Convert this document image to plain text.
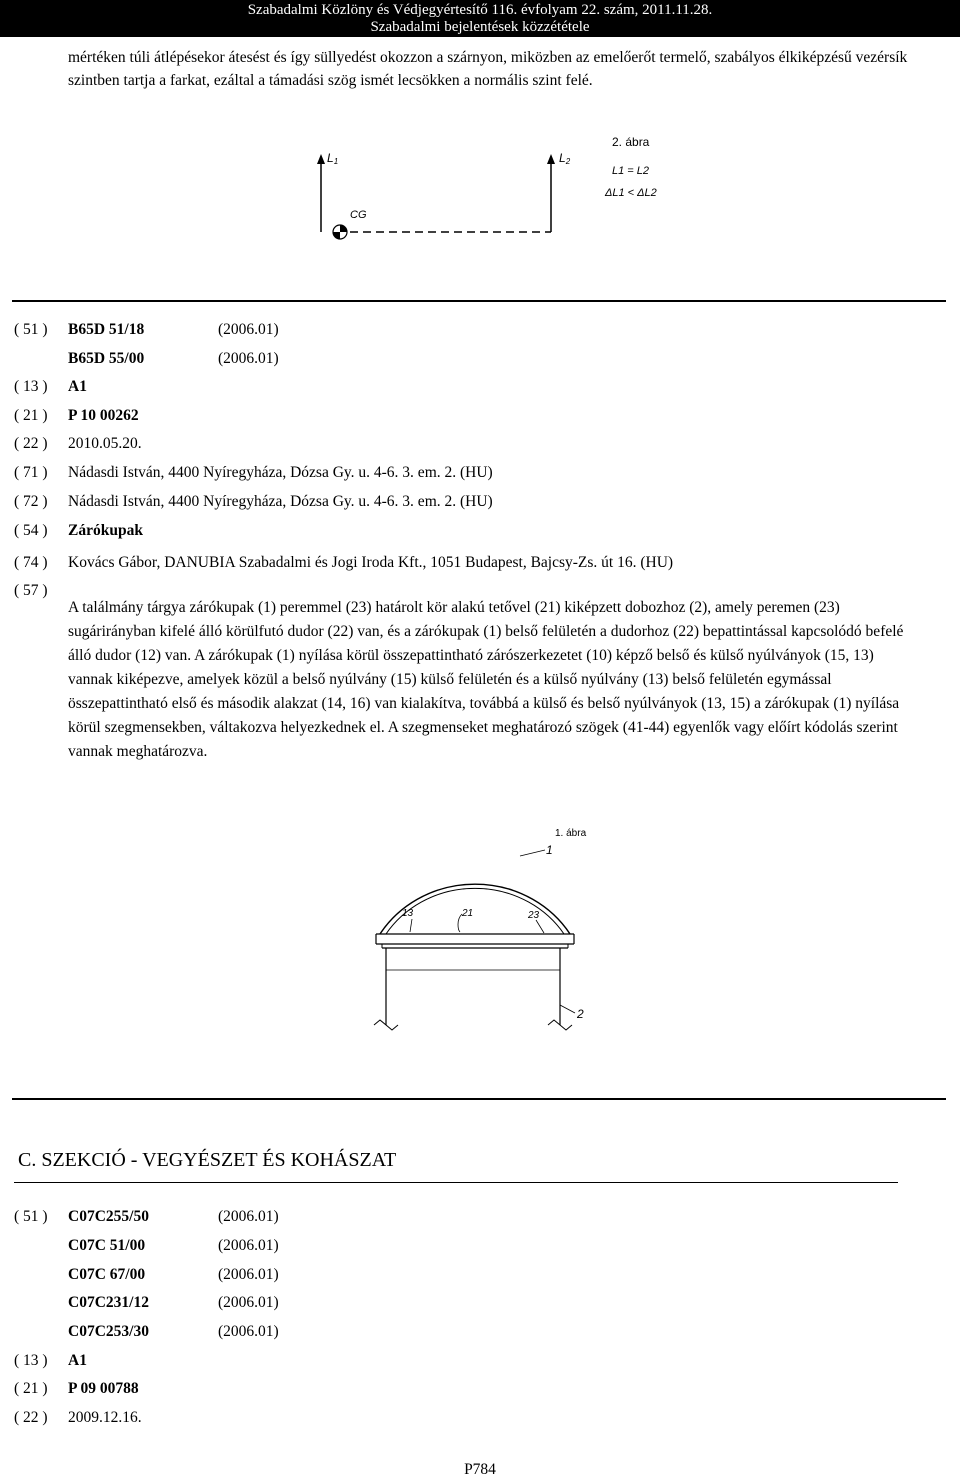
Szabadalmi Közlöny és Védjegyértesítő 116. évfolyam 22. szám, 2011.11.28.
Szabadalmi bejelentések közzététele
mértéken túli átlépésekor átesést és így süllyedést okozzon a szárnyon, miközben az emelőerőt termelő, szabályos élkiképzésű vezérsík szintben tartja a farkat, ezáltal a támadási szög ismét lecsökken a normális szint felé.
L1	L2
CG
2. ábra
L1 = L2
ΔL1 < ΔL2
( 51 ) B65D 51/18	(2006.01)
B65D 55/00	(2006.01)
( 13 ) A1
( 21 ) P 10 00262
( 22 ) 2010.05.20.
( 71 ) Nádasdi István, 4400 Nyíregyháza, Dózsa Gy. u. 4-6. 3. em. 2. (HU)
( 72 ) Nádasdi István, 4400 Nyíregyháza, Dózsa Gy. u. 4-6. 3. em. 2. (HU)
( 54 ) Zárókupak
( 74 ) Kovács Gábor, DANUBIA Szabadalmi és Jogi Iroda Kft., 1051 Budapest, Bajcsy-Zs. út 16. (HU)
( 57 )
A találmány tárgya zárókupak (1) peremmel (23) határolt kör alakú tetővel (21) kiképzett dobozhoz (2), amely peremen (23) sugárirányban kifelé álló körülfutó dudor (22) van, és a zárókupak (1) belső felületén a dudorhoz (22) bepattintással kapcsolódó befelé álló dudor (12) van. A zárókupak (1) nyílása körül összepattintható zárószerkezetet (10) képző belső és külső nyúlványok (15, 13) vannak kiképezve, amelyek közül a belső nyúlvány (15) külső felületén és a külső nyúlvány (13) belső felületén egymással összepattintható első és második alakzat (14, 16) van kialakítva, továbbá a külső és belső nyúlványok (13, 15) a zárókupak (1) nyílása körül szegmensekben, váltakozva helyezkednek el. A szegmenseket meghatározó szögek (41-44) egyenlők vagy előírt kódolás szerint vannak meghatározva.
1. ábra
1
13	21	23
2
C. SZEKCIÓ - VEGYÉSZET ÉS KOHÁSZAT
( 51 ) C07C255/50	(2006.01)
C07C 51/00	(2006.01)
C07C 67/00	(2006.01)
C07C231/12	(2006.01)
C07C253/30	(2006.01)
( 13 ) A1
( 21 ) P 09 00788
( 22 ) 2009.12.16.
P784
